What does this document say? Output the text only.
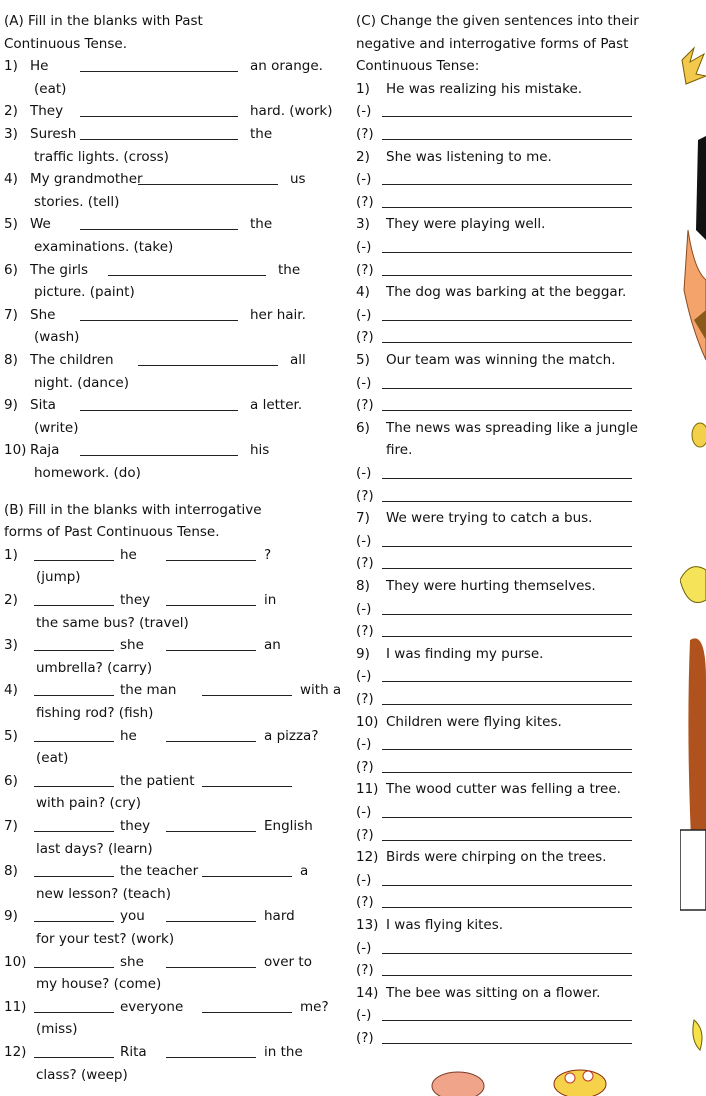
(A) Fill in the blanks with Past
Continuous Tense.
1) He	an orange.
(eat)
2) They	hard. (work)
3) Suresh	the
traffic lights. (cross)
4) My grandmother	us
stories. (tell)
5) We	the
examinations. (take)
6) The girls	the
picture. (paint)
7) She	her hair.
(wash)
8) The children	all
night. (dance)
9) Sita	a letter.
(write)
10) Raja	his
homework. (do)
(B) Fill in the blanks with interrogative
forms of Past Continuous Tense.
1)	he	?
(jump)
2)	they	in
the same bus? (travel)
3)	she	an
umbrella? (carry)
4)	the man	with a
fishing rod? (fish)
5)	he	a pizza?
(eat)
6)	the patient
with pain? (cry)
7)	they	English
last days? (learn)
8)	the teacher	a
new lesson? (teach)
9)	you	hard
for your test? (work)
10)	she	over to
my house? (come)
11)	everyone	me?
(miss)
12)	Rita	in the
class? (weep)
(C) Change the given sentences into their
negative and interrogative forms of Past
Continuous Tense:
1) He was realizing his mistake.
(-)
(?)
2) She was listening to me.
(-)
(?)
3) They were playing well.
(-)
(?)
4) The dog was barking at the beggar.
(-)
(?)
5) Our team was winning the match.
(-)
(?)
6) The news was spreading like a jungle
fire.
(-)
(?)
7) We were trying to catch a bus.
(-)
(?)
8) They were hurting themselves.
(-)
(?)
9) I was finding my purse.
(-)
(?)
10) Children were flying kites.
(-)
(?)
11) The wood cutter was felling a tree.
(-)
(?)
12) Birds were chirping on the trees.
(-)
(?)
13) I was flying kites.
(-)
(?)
14) The bee was sitting on a flower.
(-)
(?)
